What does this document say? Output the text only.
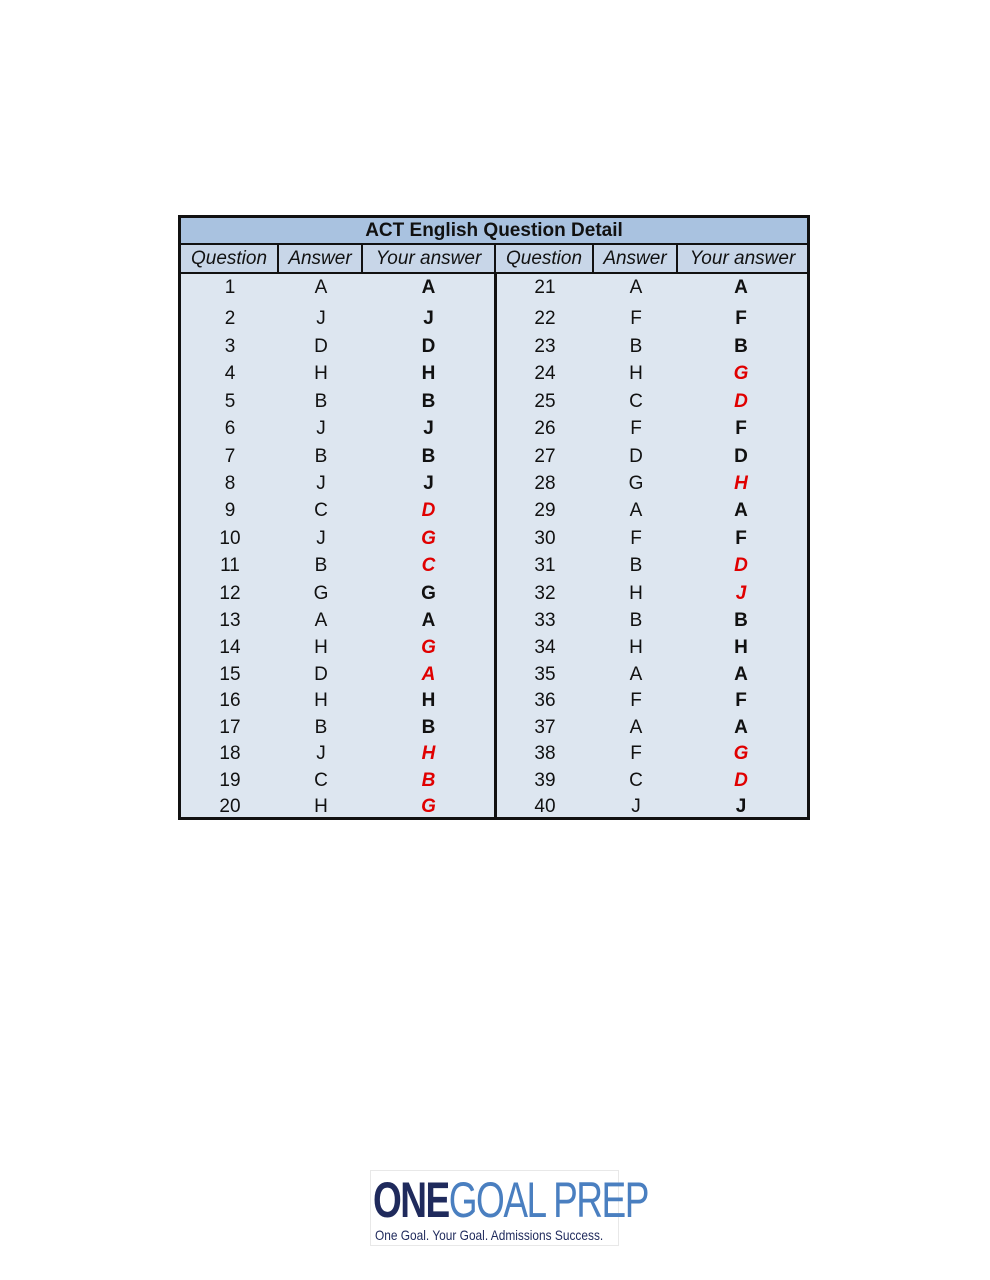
ACT English Question Detail
Question	Answer	Your answer	Question	Answer	Your answer
1	A	A	21	A	A
2	J	J	22	F	F
3	D	D	23	B	B
4	H	H	24	H	G
5	B	B	25	C	D
6	J	J	26	F	F
7	B	B	27	D	D
8	J	J	28	G	H
9	C	D	29	A	A
10	J	G	30	F	F
11	B	C	31	B	D
12	G	G	32	H	J
13	A	A	33	B	B
14	H	G	34	H	H
15	D	A	35	A	A
16	H	H	36	F	F
17	B	B	37	A	A
18	J	H	38	F	G
19	C	B	39	C	D
20	H	G	40	J	J
ONEGOAL PREP
One Goal. Your Goal. Admissions Success.
